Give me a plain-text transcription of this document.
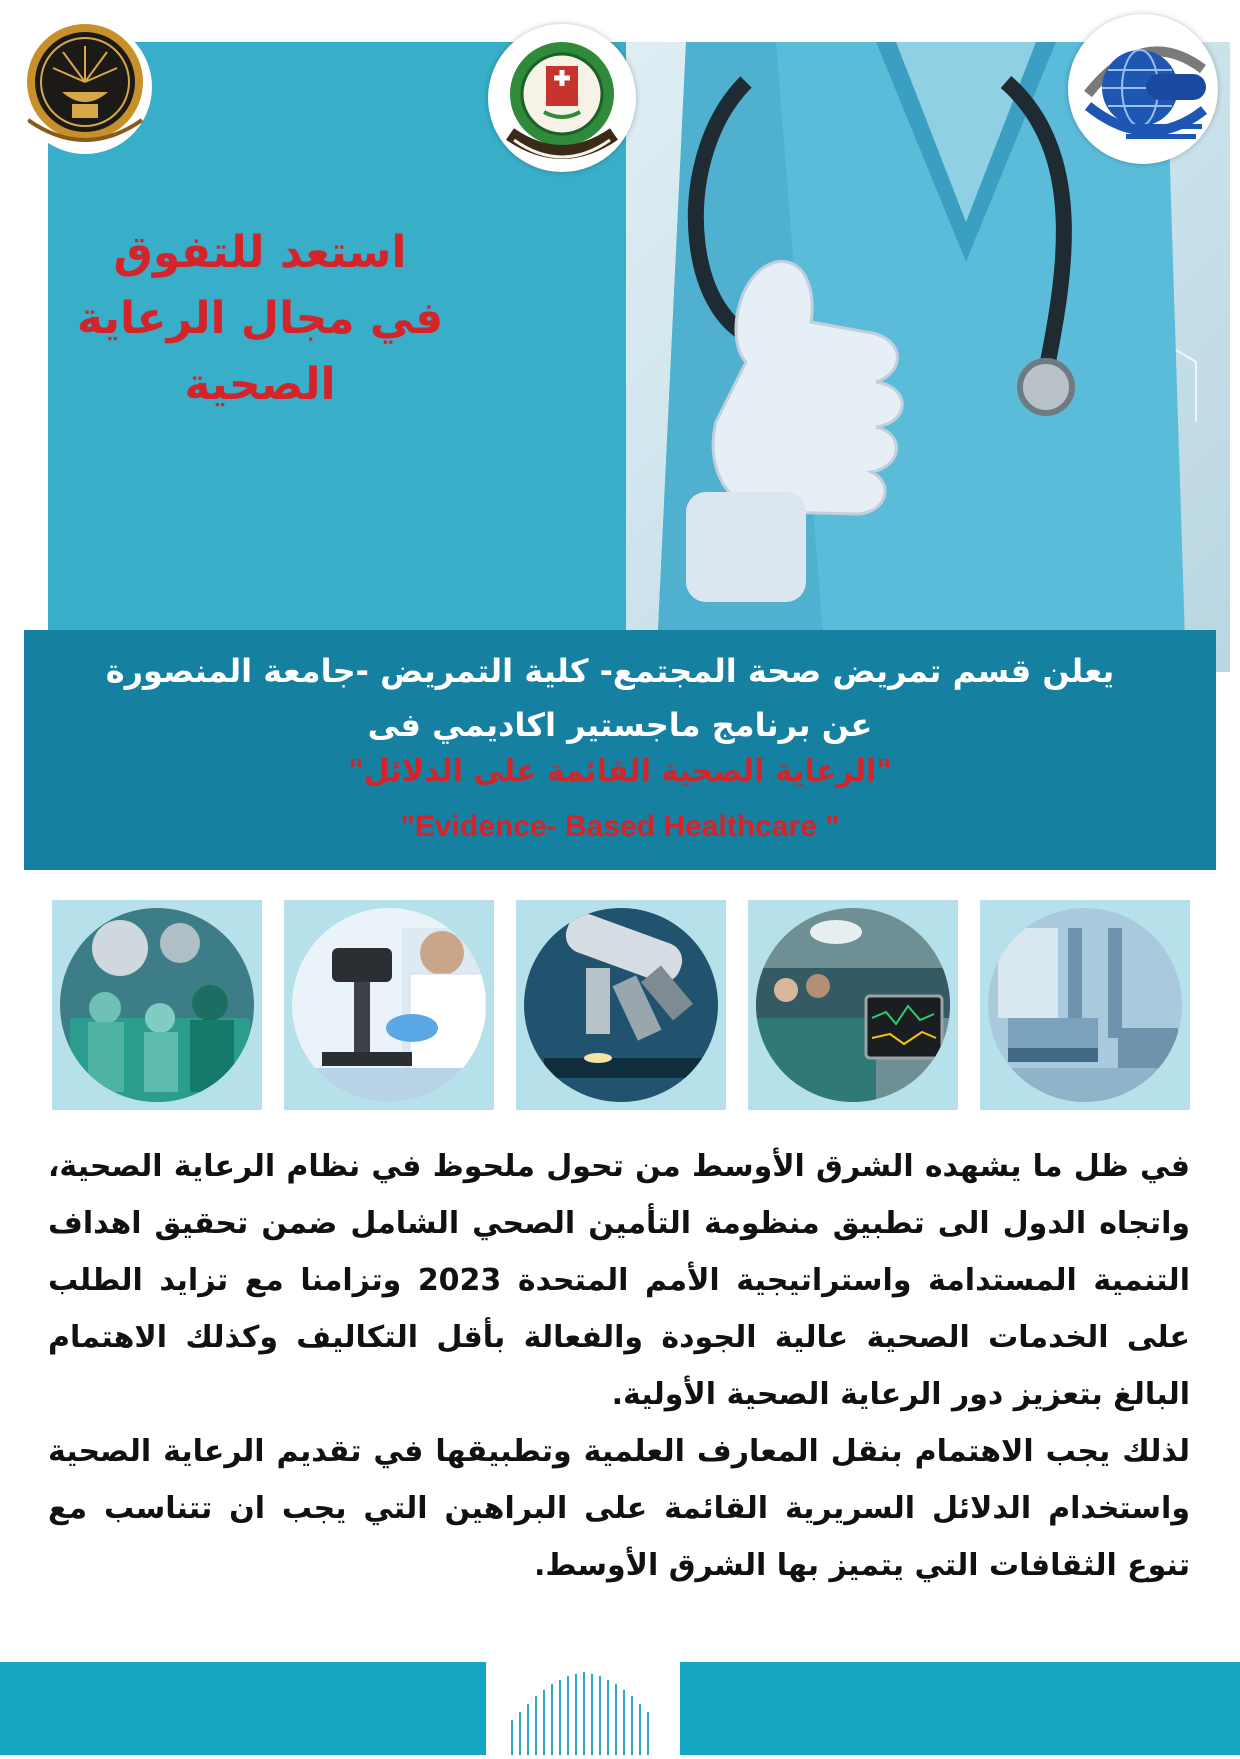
استعد للتفوق
في مجال الرعاية الصحية

يعلن قسم تمريض صحة المجتمع- كلية التمريض -جامعة المنصورة

عن برنامج ماجستير اكاديمي فى

"الرعاية الصحية القائمة على الدلائل"

" Evidence- Based Healthcare"

في ظل ما يشهده الشرق الأوسط من تحول ملحوظ في نظام الرعاية الصحية، واتجاه الدول الى تطبيق منظومة التأمين الصحي الشامل ضمن تحقيق اهداف التنمية المستدامة واستراتيجية الأمم المتحدة 2023 وتزامنا مع تزايد الطلب على الخدمات الصحية عالية الجودة والفعالة بأقل التكاليف وكذلك الاهتمام البالغ بتعزيز دور الرعاية الصحية الأولية.

لذلك يجب الاهتمام بنقل المعارف العلمية وتطبيقها في تقديم الرعاية الصحية واستخدام الدلائل السريرية القائمة على البراهين التي يجب ان تتناسب مع تنوع الثقافات التي يتميز بها الشرق الأوسط.
